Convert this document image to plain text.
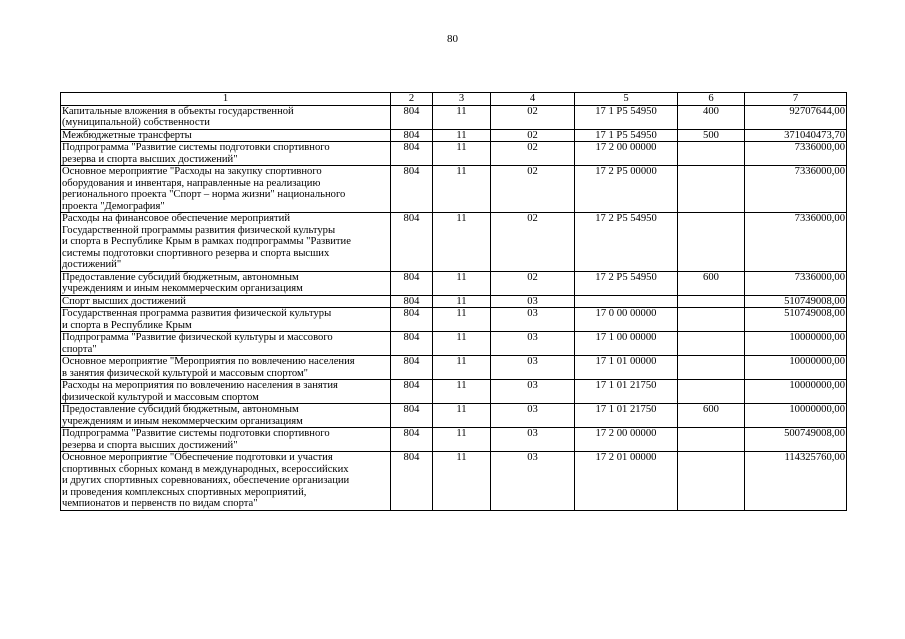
80
1	2	3	4	5	6	7
Капитальные вложения в объекты государственной
(муниципальной) собственности	804	11	02	17 1 Р5 54950	400	92707644,00
Межбюджетные трансферты	804	11	02	17 1 Р5 54950	500	371040473,70
Подпрограмма "Развитие системы подготовки спортивного
резерва и спорта высших достижений"	804	11	02	17 2 00 00000		7336000,00
Основное мероприятие "Расходы на закупку спортивного
оборудования и инвентаря, направленные на реализацию
регионального проекта "Спорт – норма жизни" национального
проекта "Демография"	804	11	02	17 2 Р5 00000		7336000,00
Расходы на финансовое обеспечение мероприятий
Государственной программы развития физической культуры
и спорта в Республике Крым в рамках подпрограммы "Развитие
системы подготовки спортивного резерва и спорта высших
достижений"	804	11	02	17 2 Р5 54950		7336000,00
Предоставление субсидий бюджетным, автономным
учреждениям и иным некоммерческим организациям	804	11	02	17 2 Р5 54950	600	7336000,00
Спорт высших достижений	804	11	03			510749008,00
Государственная программа развития физической культуры
и спорта в Республике Крым	804	11	03	17 0 00 00000		510749008,00
Подпрограмма "Развитие физической культуры и массового
спорта"	804	11	03	17 1 00 00000		10000000,00
Основное мероприятие "Мероприятия по вовлечению населения
в занятия физической культурой и массовым спортом"	804	11	03	17 1 01 00000		10000000,00
Расходы на мероприятия по вовлечению населения в занятия
физической культурой и массовым спортом	804	11	03	17 1 01 21750		10000000,00
Предоставление субсидий бюджетным, автономным
учреждениям и иным некоммерческим организациям	804	11	03	17 1 01 21750	600	10000000,00
Подпрограмма "Развитие системы подготовки спортивного
резерва и спорта высших достижений"	804	11	03	17 2 00 00000		500749008,00
Основное мероприятие "Обеспечение подготовки и участия
спортивных сборных команд в международных, всероссийских
и других спортивных соревнованиях, обеспечение организации
и проведения комплексных спортивных мероприятий,
чемпионатов и первенств по видам спорта"	804	11	03	17 2 01 00000		114325760,00
